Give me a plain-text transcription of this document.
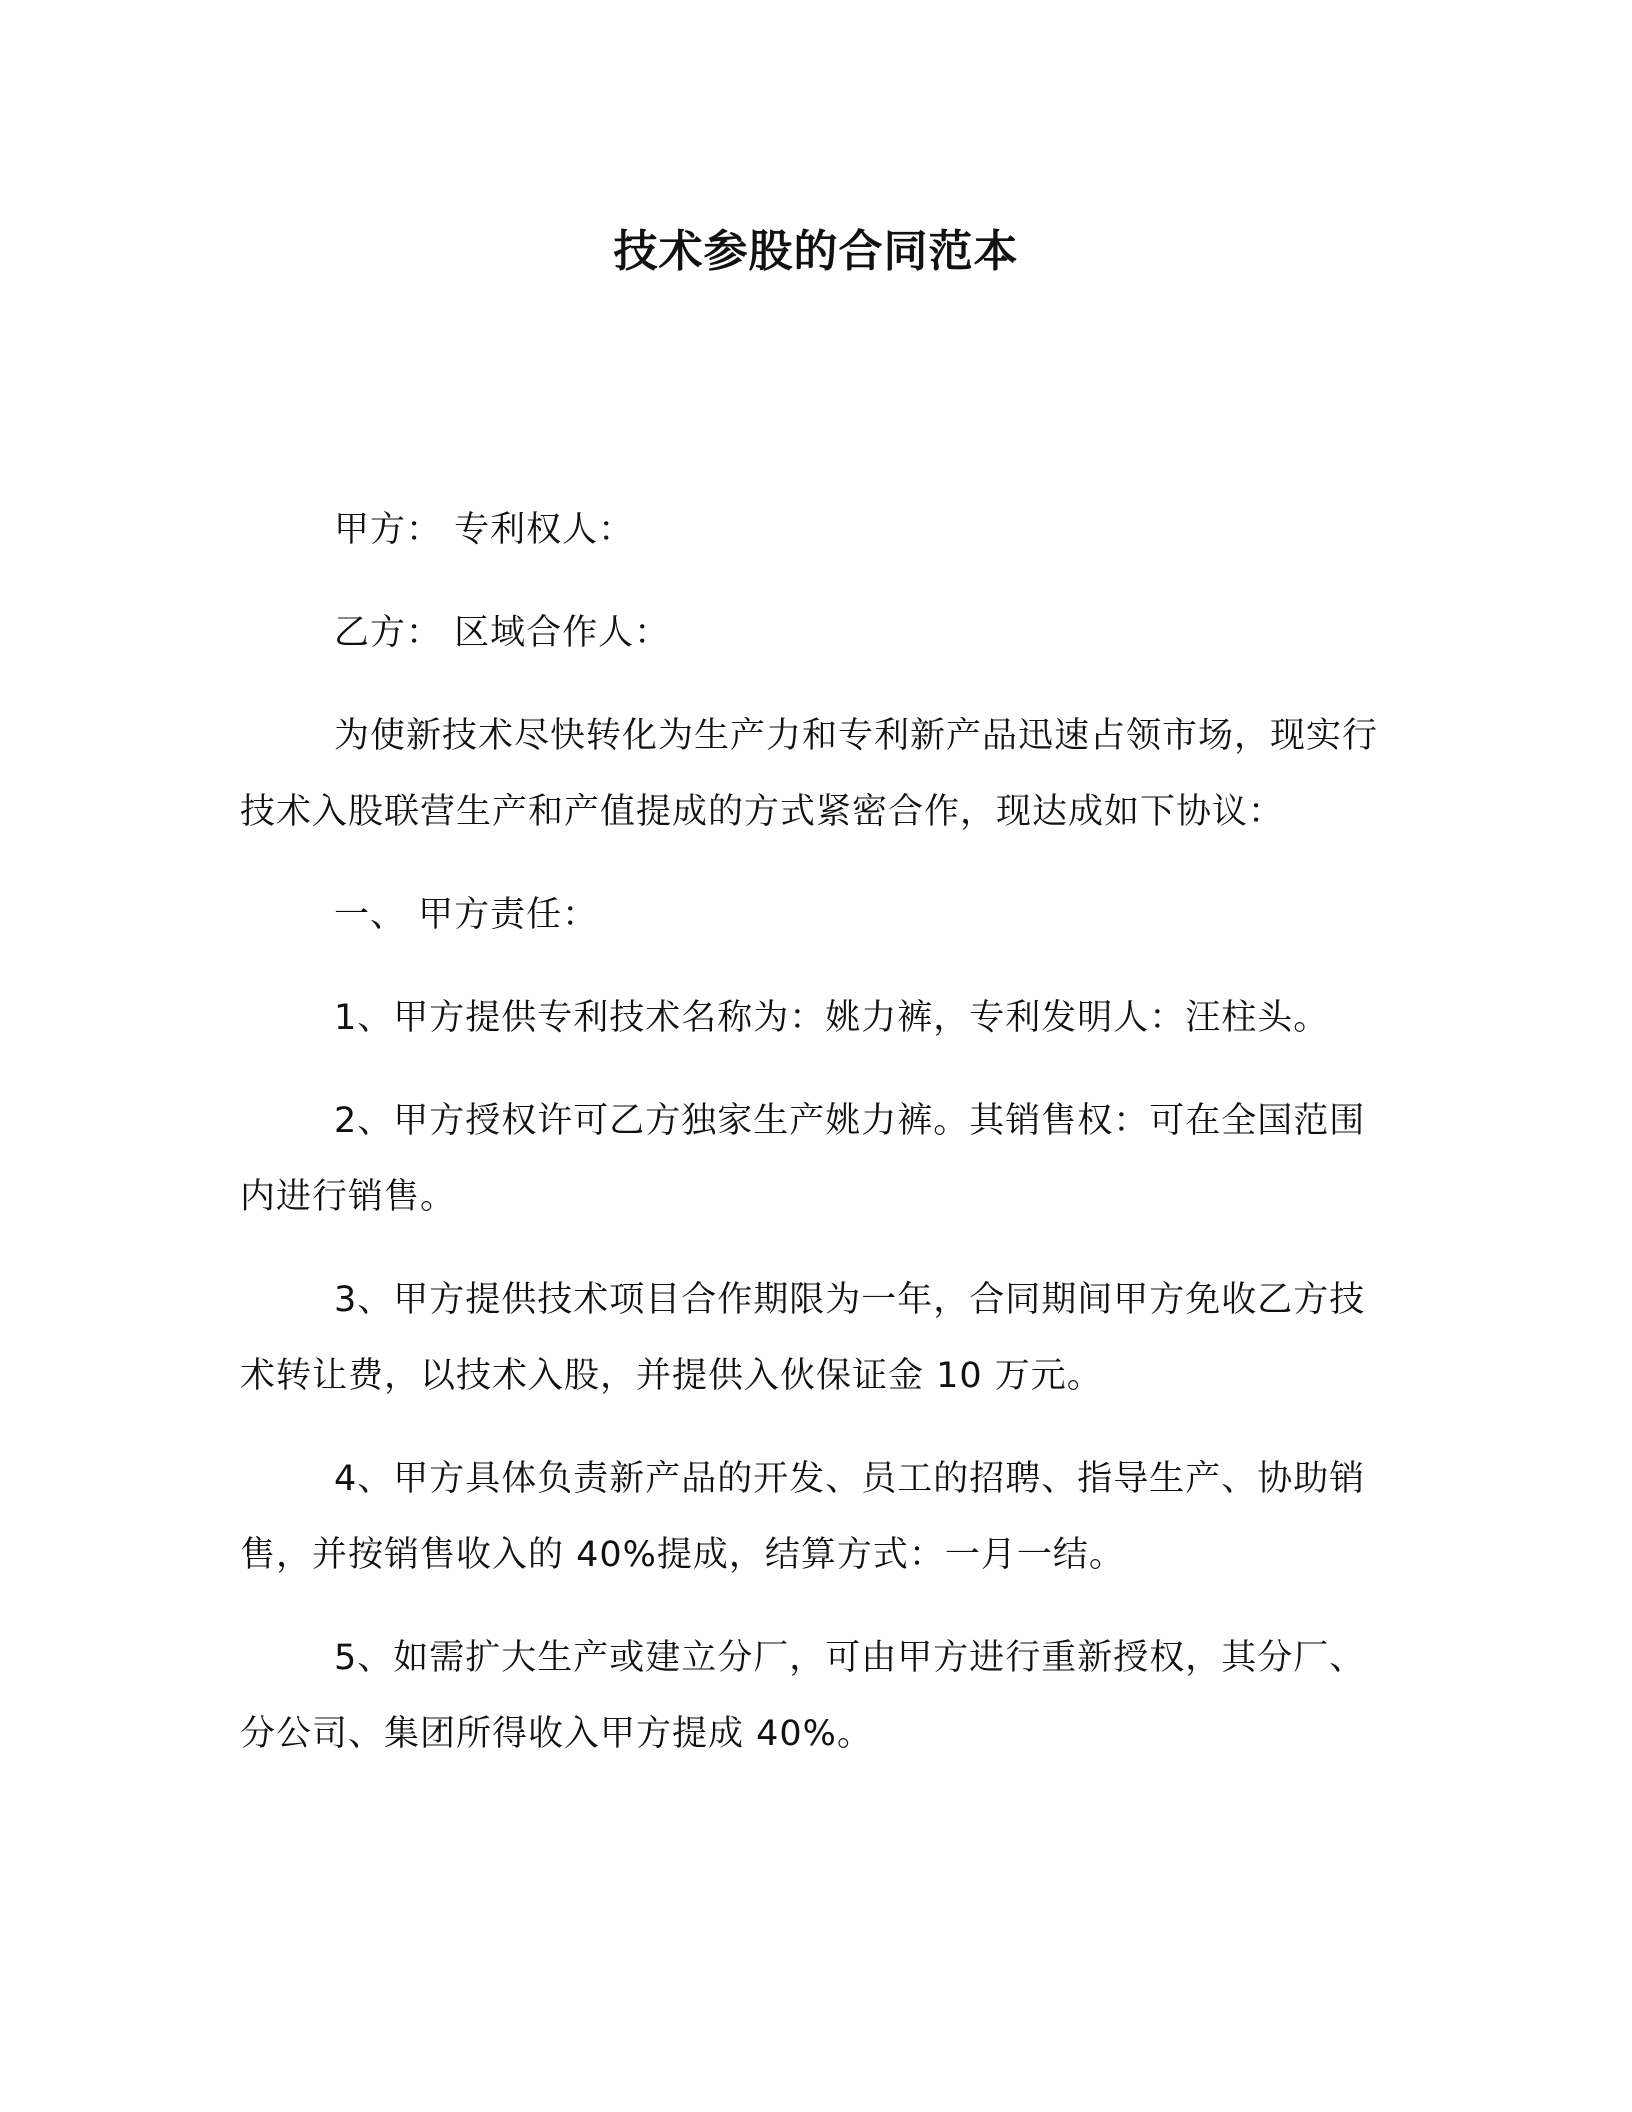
技术参股的合同范本

甲方： 专利权人：

乙方： 区域合作人：

为使新技术尽快转化为生产力和专利新产品迅速占领市场，现实行技术入股联营生产和产值提成的方式紧密合作，现达成如下协议：

一、 甲方责任：

1、甲方提供专利技术名称为：姚力裤，专利发明人：汪柱头。

2、甲方授权许可乙方独家生产姚力裤。其销售权：可在全国范围内进行销售。

3、甲方提供技术项目合作期限为一年，合同期间甲方免收乙方技术转让费，以技术入股，并提供入伙保证金 10 万元。

4、甲方具体负责新产品的开发、员工的招聘、指导生产、协助销售，并按销售收入的 40%提成，结算方式：一月一结。

5、如需扩大生产或建立分厂，可由甲方进行重新授权，其分厂、分公司、集团所得收入甲方提成 40%。
